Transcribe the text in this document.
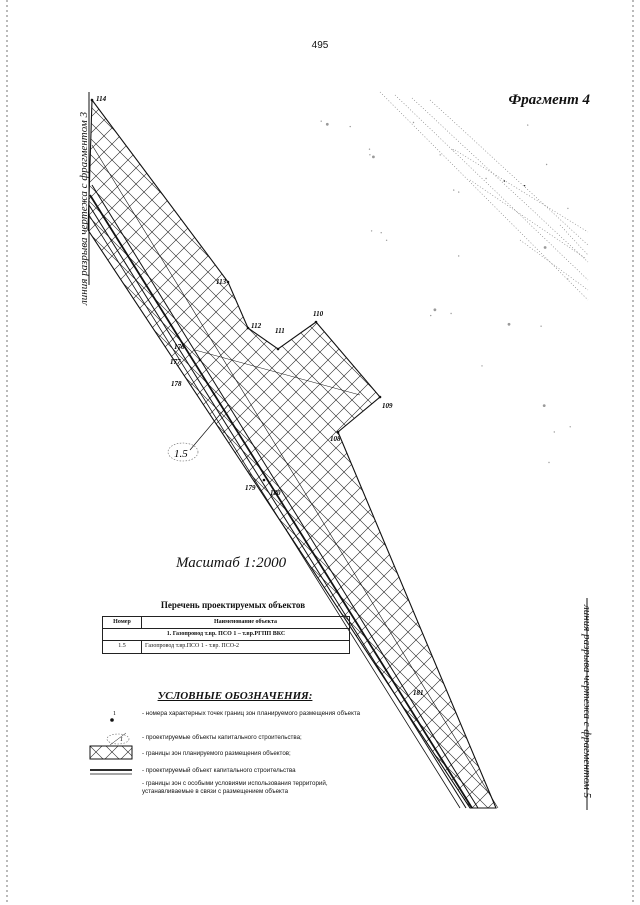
114
113
112
111
110
109
108
176
177
178
179
180
181
1.5
1
1
495
Фрагмент 4
линия разрыва чертежа с фрагментом 3
линия разрыва чертежа с фрагментом 5
Масштаб 1:2000
Перечень проектируемых объектов
Номер	Наименование объекта
1. Газопровод т.вр. ПСО 1 – т.вр.РГПП ВКС	
1.5	Газопровод т.вр.ПСО 1 - т.вр. ПСО-2
УСЛОВНЫЕ ОБОЗНАЧЕНИЯ:
- номера характерных точек границ зон планируемого размещения объекта
- проектируемые объекты капитального строительства;
- границы зон планируемого размещения объектов;
- проектируемый объект капитального строительства
- границы зон с особыми условиями использования территорий, устанавливаемые в связи с размещением объекта
